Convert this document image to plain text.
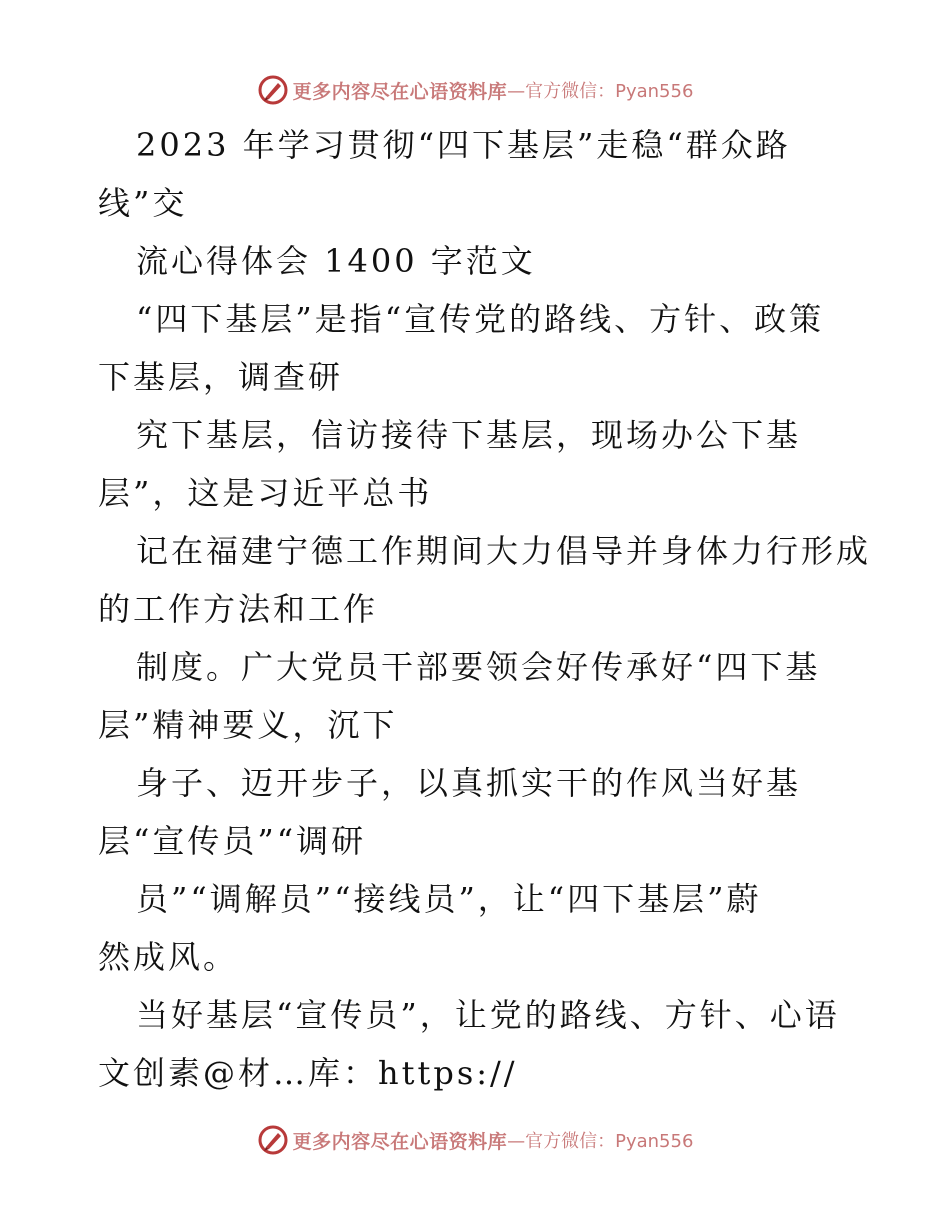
更多内容尽在心语资料库 —官方微信：Pyan556
2023 年学习贯彻“四下基层”走稳“群众路
线”交
流心得体会 1400 字范文
“四下基层”是指“宣传党的路线、方针、政策
下基层，调查研
究下基层，信访接待下基层，现场办公下基
层”，这是习近平总书
记在福建宁德工作期间大力倡导并身体力行形成
的工作方法和工作
制度。广大党员干部要领会好传承好“四下基
层”精神要义，沉下
身子、迈开步子，以真抓实干的作风当好基
层“宣传员”“调研
员”“调解员”“接线员”，让“四下基层”蔚
然成风。
当好基层“宣传员”，让党的路线、方针、心语
文创素@材…库：https://
更多内容尽在心语资料库 —官方微信：Pyan556
